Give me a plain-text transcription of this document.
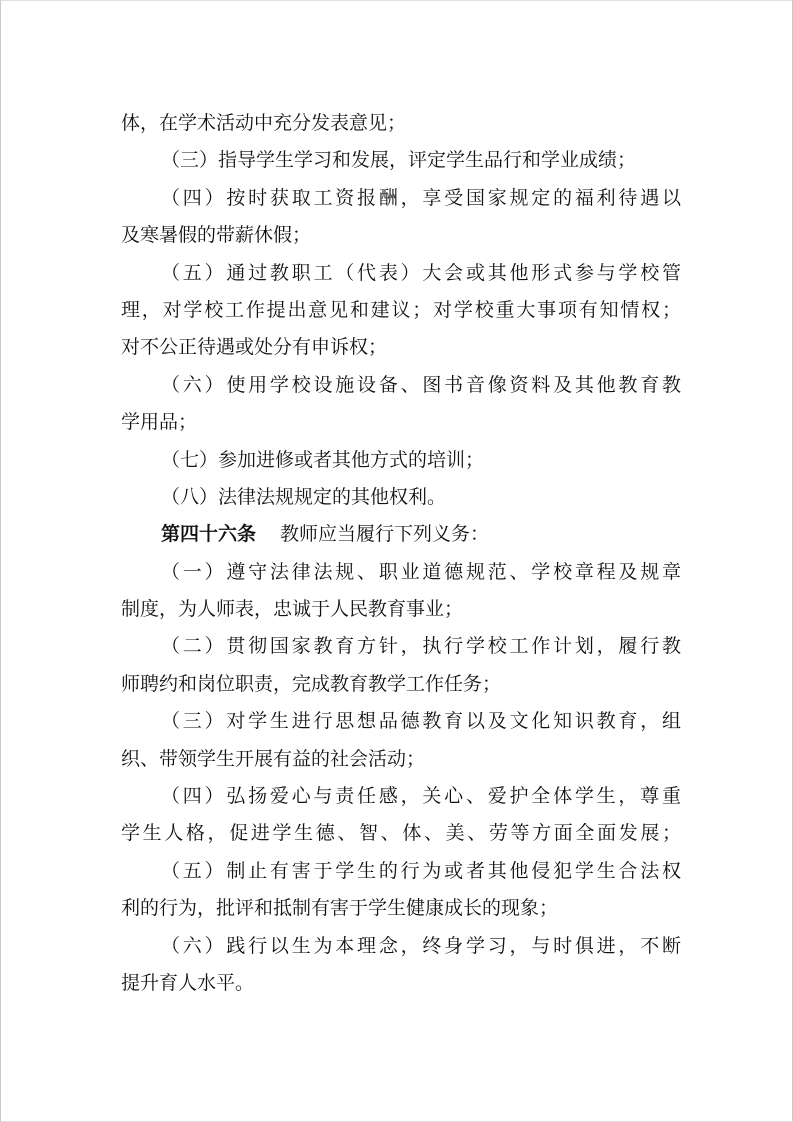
体，在学术活动中充分发表意见；
（三）指导学生学习和发展，评定学生品行和学业成绩；
（四）按时获取工资报酬，享受国家规定的福利待遇以
及寒暑假的带薪休假；
（五）通过教职工（代表）大会或其他形式参与学校管
理，对学校工作提出意见和建议；对学校重大事项有知情权；
对不公正待遇或处分有申诉权；
（六）使用学校设施设备、图书音像资料及其他教育教
学用品；
（七）参加进修或者其他方式的培训；
（八）法律法规规定的其他权利。
第四十六条 教师应当履行下列义务：
（一）遵守法律法规、职业道德规范、学校章程及规章
制度，为人师表，忠诚于人民教育事业；
（二）贯彻国家教育方针，执行学校工作计划，履行教
师聘约和岗位职责，完成教育教学工作任务；
（三）对学生进行思想品德教育以及文化知识教育，组
织、带领学生开展有益的社会活动；
（四）弘扬爱心与责任感，关心、爱护全体学生，尊重
学生人格，促进学生德、智、体、美、劳等方面全面发展；
（五）制止有害于学生的行为或者其他侵犯学生合法权
利的行为，批评和抵制有害于学生健康成长的现象；
（六）践行以生为本理念，终身学习，与时俱进，不断
提升育人水平。
